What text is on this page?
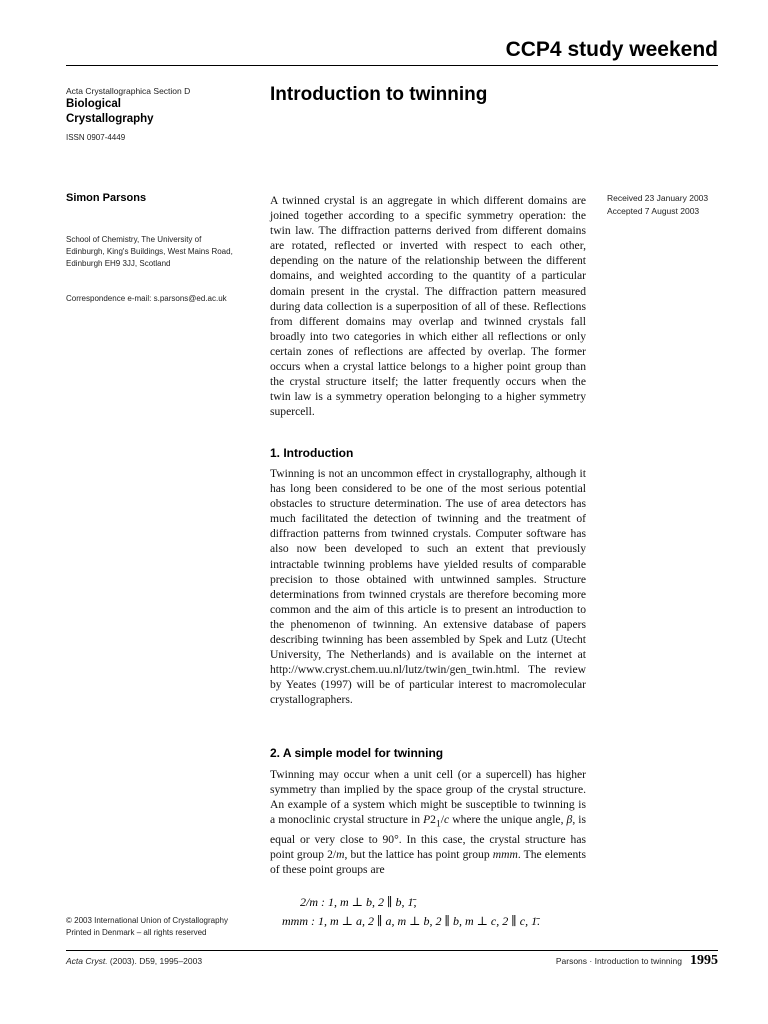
CCP4 study weekend
Acta Crystallographica Section D
Biological
Crystallography
ISSN 0907-4449
Simon Parsons
School of Chemistry, The University of
Edinburgh, King's Buildings, West Mains Road,
Edinburgh EH9 3JJ, Scotland
Correspondence e-mail: s.parsons@ed.ac.uk
Introduction to twinning

A twinned crystal is an aggregate in which different domains are joined together according to a specific symmetry operation: the twin law. The diffraction patterns derived from different domains are rotated, reflected or inverted with respect to each other, depending on the nature of the relationship between the different domains, and weighted according to the quantity of a particular domain present in the crystal. The diffraction pattern measured during data collection is a superposition of all of these. Reflections from different domains may overlap and twinned crystals fall broadly into two categories in which either all reflections or only certain zones of reflections are affected by overlap. The former occurs when a crystal lattice belongs to a higher point group than the crystal structure itself; the latter frequently occurs when the twin law is a symmetry operation belonging to a higher symmetry supercell.

Received 23 January 2003
Accepted 7 August 2003
1. Introduction

Twinning is not an uncommon effect in crystallography, although it has long been considered to be one of the most serious potential obstacles to structure determination. The use of area detectors has much facilitated the detection of twinning and the treatment of diffraction patterns from twinned crystals. Computer software has also now been developed to such an extent that previously intractable twinning problems have yielded results of comparable precision to those obtained with untwinned samples. Structure determinations from twinned crystals are therefore becoming more common and the aim of this article is to present an introduction to the phenomenon of twinning. An extensive database of papers describing twinning has been assembled by Spek and Lutz (Utecht University, The Netherlands) and is available on the internet at http://www.cryst.chem.uu.nl/lutz/twin/gen_twin.html. The review by Yeates (1997) will be of particular interest to macromolecular crystallographers.

2. A simple model for twinning

Twinning may occur when a unit cell (or a supercell) has higher symmetry than implied by the space group of the crystal structure. An example of a system which might be susceptible to twinning is a monoclinic crystal structure in $P2_1/c$ where the unique angle, β, is equal or very close to 90°. In this case, the crystal structure has point group 2/m, but the lattice has point group mmm. The elements of these point groups are

2/m : 1, m ⊥ b, 2 ∥ b, 1̄,
mmm : 1, m ⊥ a, 2 ∥ a, m ⊥ b, 2 ∥ b, m ⊥ c, 2 ∥ c, 1̄.
© 2003 International Union of Crystallography
Printed in Denmark – all rights reserved
Acta Cryst. (2003). D59, 1995–2003	Parsons · Introduction to twinning 1995
